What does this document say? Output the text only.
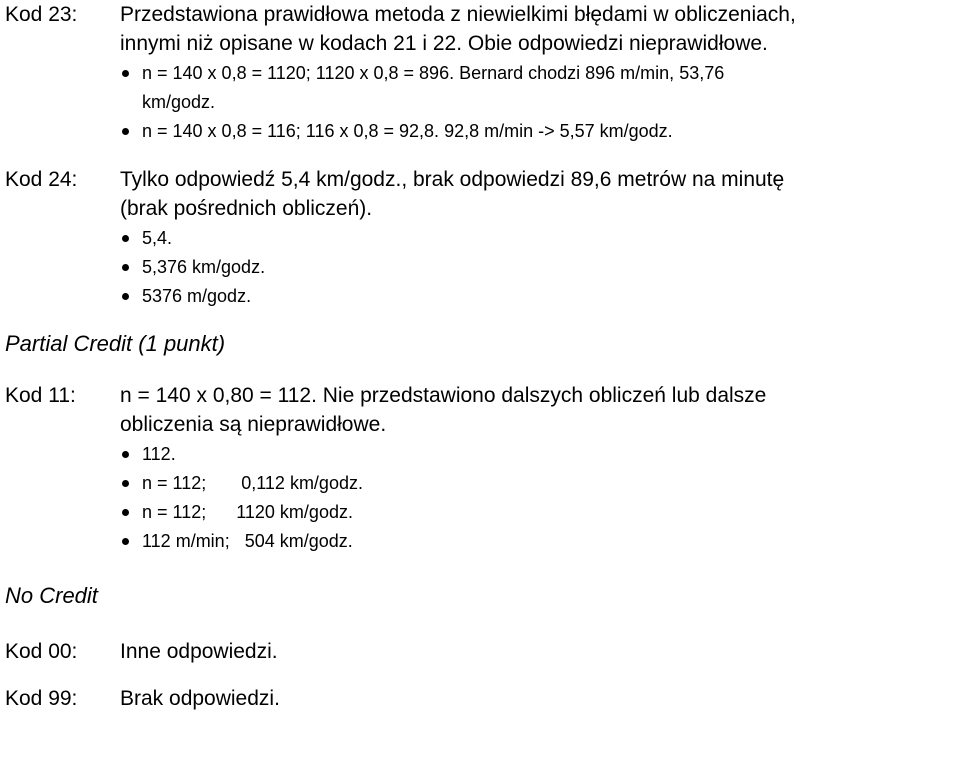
Kod 23:	Przedstawiona prawidłowa metoda z niewielkimi błędami w obliczeniach,
innymi niż opisane w kodach 21 i 22. Obie odpowiedzi nieprawidłowe.
n = 140 x 0,8 = 1120; 1120 x 0,8 = 896. Bernard chodzi 896 m/min, 53,76
km/godz.
n = 140 x 0,8 = 116; 116 x 0,8 = 92,8. 92,8 m/min -> 5,57 km/godz.
Kod 24:	Tylko odpowiedź 5,4 km/godz., brak odpowiedzi 89,6 metrów na minutę
(brak pośrednich obliczeń).
5,4.
5,376 km/godz.
5376 m/godz.
Partial Credit (1 punkt)
Kod 11:	n = 140 x 0,80 = 112. Nie przedstawiono dalszych obliczeń lub dalsze
obliczenia są nieprawidłowe.
112.
n = 112;       0,112 km/godz.
n = 112;      1120 km/godz.
112 m/min;   504 km/godz.
No Credit
Kod 00:	Inne odpowiedzi.
Kod 99:	Brak odpowiedzi.
